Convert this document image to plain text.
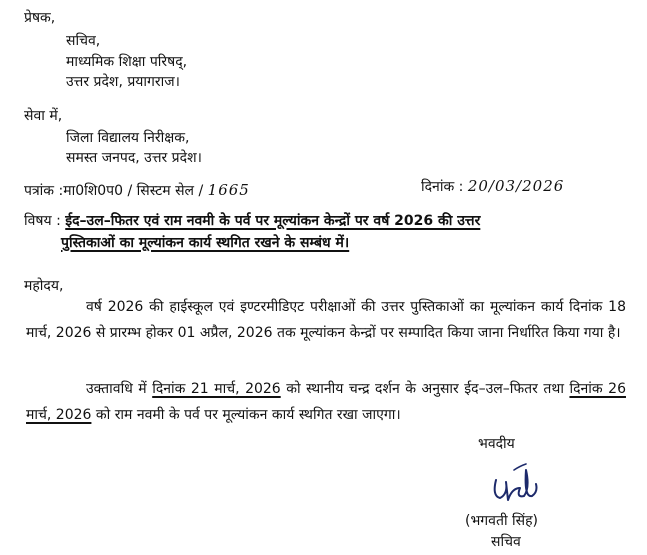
प्रेषक,
सचिव,
माध्यमिक शिक्षा परिषद्,
उत्तर प्रदेश, प्रयागराज।
सेवा में,
जिला विद्यालय निरीक्षक,
समस्त जनपद, उत्तर प्रदेश।
पत्रांक :मा0शि0प0 / सिस्टम सेल / 1665	दिनांक : 20/03/2026
विषय : ईद–उल–फितर एवं राम नवमी के पर्व पर मूल्यांकन केन्द्रों पर वर्ष 2026 की उत्तर
पुस्तिकाओं का मूल्यांकन कार्य स्थगित रखने के सम्बंध में।
महोदय,
वर्ष 2026 की हाईस्कूल एवं इण्टरमीडिएट परीक्षाओं की उत्तर पुस्तिकाओं का मूल्यांकन कार्य दिनांक 18 मार्च, 2026 से प्रारम्भ होकर 01 अप्रैल, 2026 तक मूल्यांकन केन्द्रों पर सम्पादित किया जाना निर्धारित किया गया है।
उक्तावधि में दिनांक 21 मार्च, 2026 को स्थानीय चन्द्र दर्शन के अनुसार ईद–उल–फितर तथा दिनांक 26 मार्च, 2026 को राम नवमी के पर्व पर मूल्यांकन कार्य स्थगित रखा जाएगा।
भवदीय
(भगवती सिंह)
सचिव
